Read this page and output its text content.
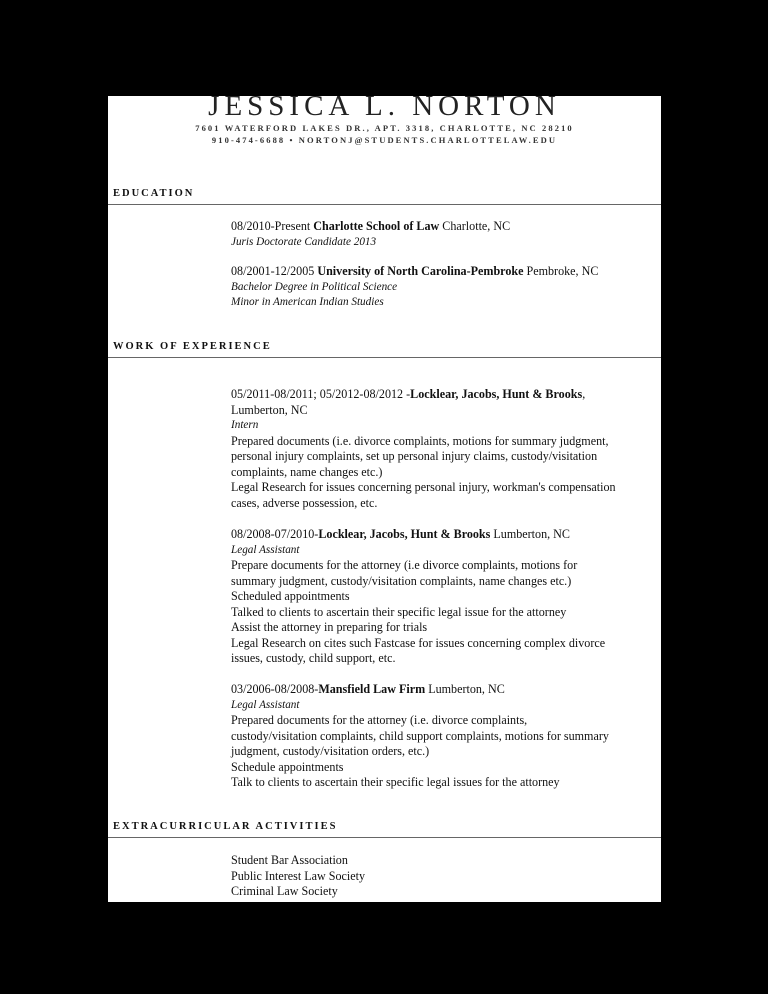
JESSICA L. NORTON
7601 WATERFORD LAKES DR., APT. 3318, CHARLOTTE, NC 28210
910-474-6688 • NORTONJ@STUDENTS.CHARLOTTELAW.EDU
EDUCATION
08/2010-Present Charlotte School of Law Charlotte, NC
Juris Doctorate Candidate 2013
08/2001-12/2005 University of North Carolina-Pembroke Pembroke, NC
Bachelor Degree in Political Science
Minor in American Indian Studies
WORK OF EXPERIENCE
05/2011-08/2011; 05/2012-08/2012 -Locklear, Jacobs, Hunt & Brooks,
Lumberton, NC
Intern
Prepared documents (i.e. divorce complaints, motions for summary judgment,
personal injury complaints, set up personal injury claims, custody/visitation
complaints, name changes etc.)
Legal Research for issues concerning personal injury, workman's compensation
cases, adverse possession, etc.
08/2008-07/2010-Locklear, Jacobs, Hunt & Brooks Lumberton, NC
Legal Assistant
Prepare documents for the attorney (i.e divorce complaints, motions for
summary judgment, custody/visitation complaints, name changes etc.)
Scheduled appointments
Talked to clients to ascertain their specific legal issue for the attorney
Assist the attorney in preparing for trials
Legal Research on cites such Fastcase for issues concerning complex divorce
issues, custody, child support, etc.
03/2006-08/2008-Mansfield Law Firm Lumberton, NC
Legal Assistant
Prepared documents for the attorney (i.e. divorce complaints,
custody/visitation complaints, child support complaints, motions for summary
judgment, custody/visitation orders, etc.)
Schedule appointments
Talk to clients to ascertain their specific legal issues for the attorney
EXTRACURRICULAR ACTIVITIES
Student Bar Association
Public Interest Law Society
Criminal Law Society
